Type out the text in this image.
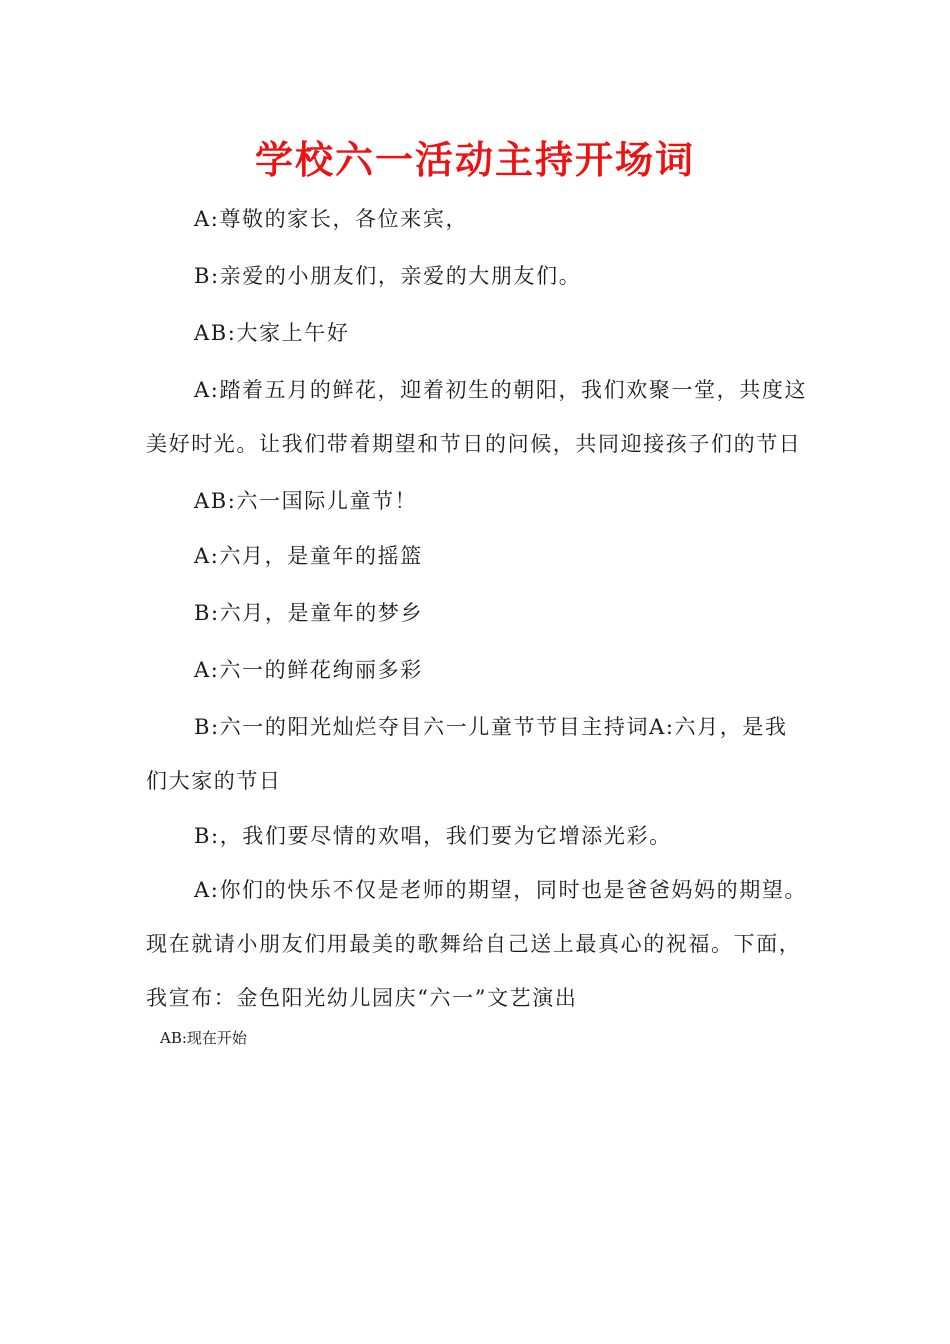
学校六一活动主持开场词

A:尊敬的家长，各位来宾，

B:亲爱的小朋友们，亲爱的大朋友们。

AB:大家上午好

A:踏着五月的鲜花，迎着初生的朝阳，我们欢聚一堂，共度这美好时光。让我们带着期望和节日的问候，共同迎接孩子们的节日

AB:六一国际儿童节！

A:六月，是童年的摇篮

B:六月，是童年的梦乡

A:六一的鲜花绚丽多彩

B:六一的阳光灿烂夺目六一儿童节节目主持词A:六月，是我们大家的节日

B:，我们要尽情的欢唱，我们要为它增添光彩。

A:你们的快乐不仅是老师的期望，同时也是爸爸妈妈的期望。现在就请小朋友们用最美的歌舞给自己送上最真心的祝福。下面，我宣布：金色阳光幼儿园庆“六一”文艺演出

AB:现在开始
